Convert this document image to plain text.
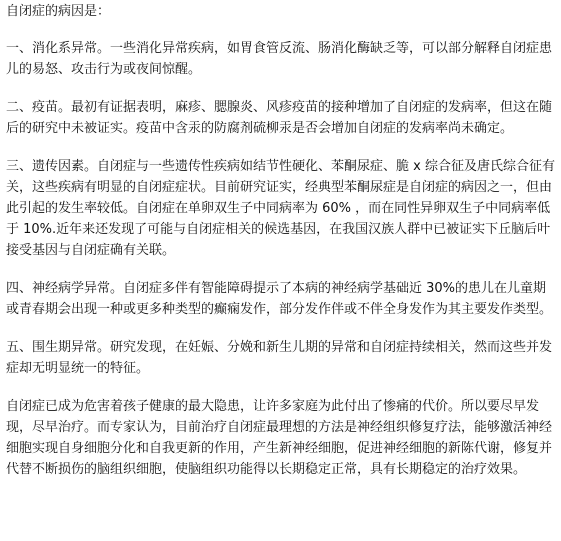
自闭症的病因是：
一、消化系异常。一些消化异常疾病，如胃食管反流、肠消化酶缺乏等，可以部分解释自闭症患儿的易怒、攻击行为或夜间惊醒。
二、疫苗。最初有证据表明，麻疹、腮腺炎、风疹疫苗的接种增加了自闭症的发病率，但这在随后的研究中未被证实。疫苗中含汞的防腐剂硫柳汞是否会增加自闭症的发病率尚未确定。
三、遗传因素。自闭症与一些遗传性疾病如结节性硬化、苯酮尿症、脆 x 综合征及唐氏综合征有关，这些疾病有明显的自闭症症状。目前研究证实，经典型苯酮尿症是自闭症的病因之一，但由此引起的发生率较低。自闭症在单卵双生子中同病率为 60% ，而在同性异卵双生子中同病率低于 10%.近年来还发现了可能与自闭症相关的候选基因，在我国汉族人群中已被证实下丘脑后叶接受基因与自闭症确有关联。
四、神经病学异常。自闭症多伴有智能障碍提示了本病的神经病学基础近 30%的患儿在儿童期或青春期会出现一种或更多种类型的癫痫发作，部分发作伴或不伴全身发作为其主要发作类型。
五、围生期异常。研究发现，在妊娠、分娩和新生儿期的异常和自闭症持续相关，然而这些并发症却无明显统一的特征。
自闭症已成为危害着孩子健康的最大隐患，让许多家庭为此付出了惨痛的代价。所以要尽早发现，尽早治疗。而专家认为，目前治疗自闭症最理想的方法是神经组织修复疗法，能够激活神经细胞实现自身细胞分化和自我更新的作用，产生新神经细胞，促进神经细胞的新陈代谢，修复并代替不断损伤的脑组织细胞，使脑组织功能得以长期稳定正常，具有长期稳定的治疗效果。
